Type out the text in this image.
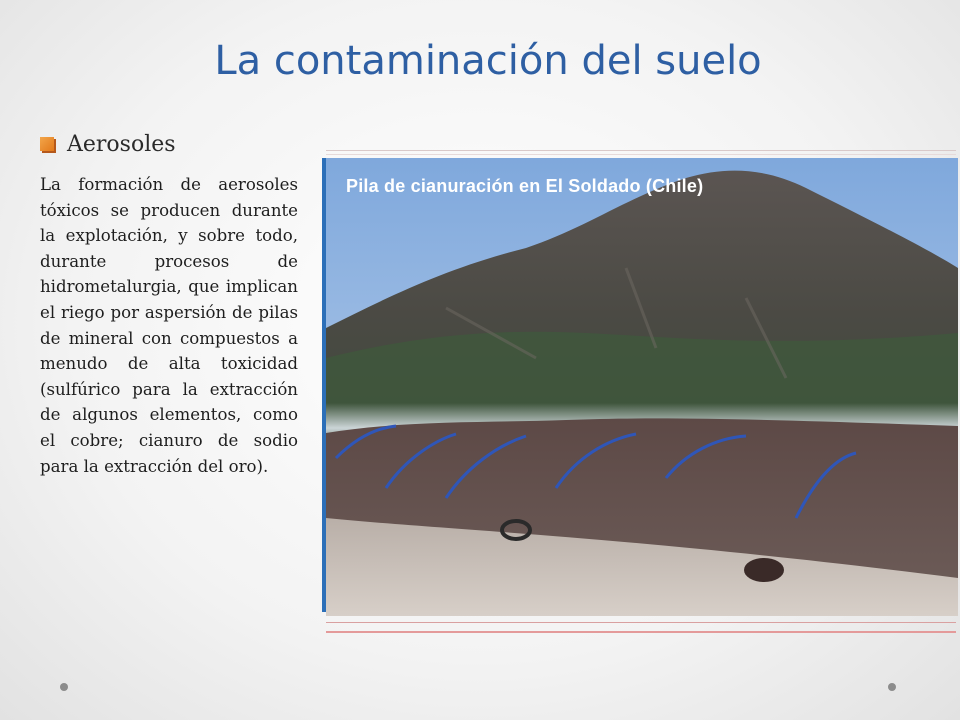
La contaminación del suelo
Aerosoles

La formación de aerosoles tóxicos se producen durante la explotación, y sobre todo, durante procesos de hidrometalurgia, que implican el riego por aspersión de pilas de mineral con compuestos a menudo de alta toxicidad (sulfúrico para la extracción de algunos elementos, como el cobre; cianuro de sodio para la extracción del oro).

Pila de cianuración en El Soldado (Chile)
